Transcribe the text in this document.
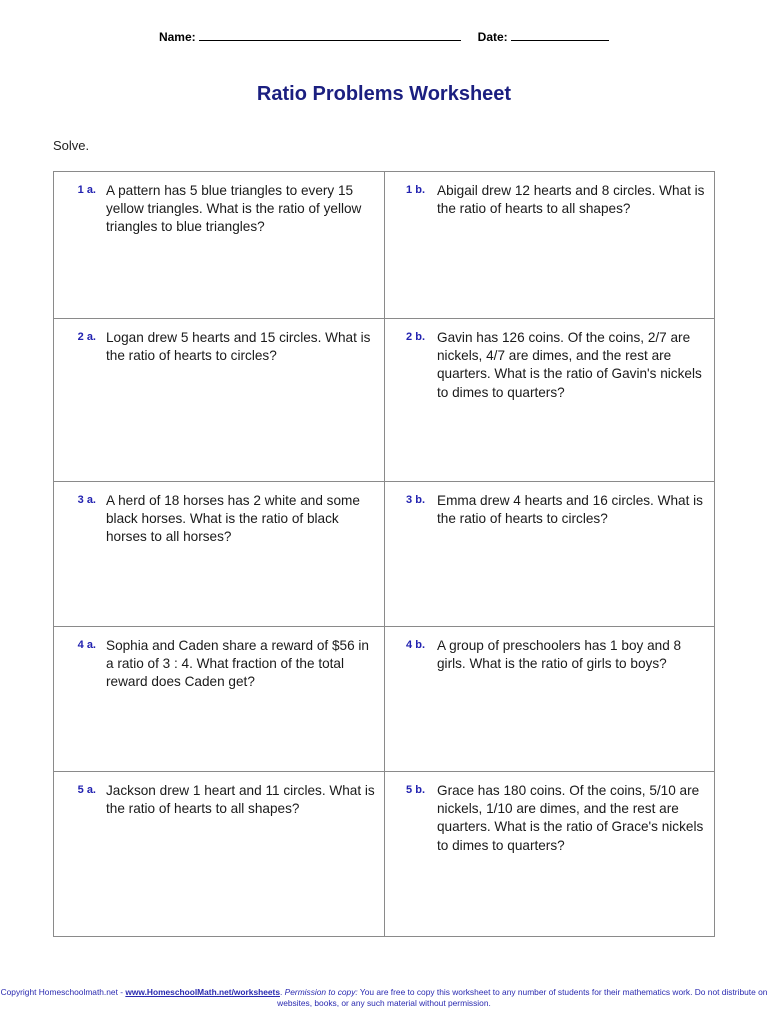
Name:	Date:
Ratio Problems Worksheet
Solve.
1 a. A pattern has 5 blue triangles to every 15 yellow triangles. What is the ratio of yellow triangles to blue triangles?
1 b. Abigail drew 12 hearts and 8 circles. What is the ratio of hearts to all shapes?
2 a. Logan drew 5 hearts and 15 circles. What is the ratio of hearts to circles?
2 b. Gavin has 126 coins. Of the coins, 2/7 are nickels, 4/7 are dimes, and the rest are quarters. What is the ratio of Gavin's nickels to dimes to quarters?
3 a. A herd of 18 horses has 2 white and some black horses. What is the ratio of black horses to all horses?
3 b. Emma drew 4 hearts and 16 circles. What is the ratio of hearts to circles?
4 a. Sophia and Caden share a reward of $56 in a ratio of 3 : 4. What fraction of the total reward does Caden get?
4 b. A group of preschoolers has 1 boy and 8 girls. What is the ratio of girls to boys?
5 a. Jackson drew 1 heart and 11 circles. What is the ratio of hearts to all shapes?
5 b. Grace has 180 coins. Of the coins, 5/10 are nickels, 1/10 are dimes, and the rest are quarters. What is the ratio of Grace's nickels to dimes to quarters?
Copyright Homeschoolmath.net - www.HomeschoolMath.net/worksheets. Permission to copy: You are free to copy this worksheet to any number of students for their mathematics work. Do not distribute on websites, books, or any such material without permission.
